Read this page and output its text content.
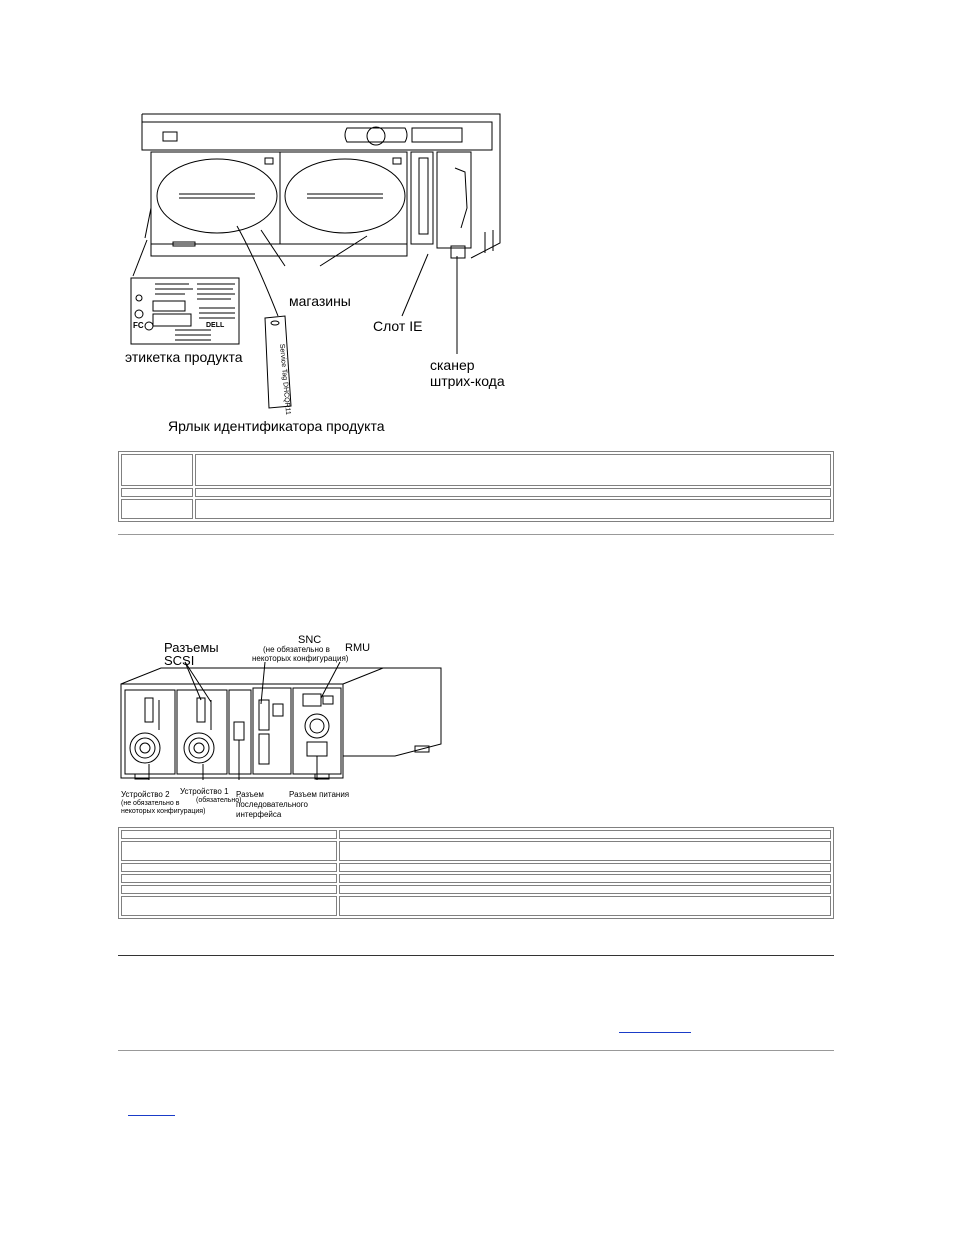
FC	DELL
Service Tag DHCQR11
магазины
Слот IE
сканер
штрих-кода
этикетка продукта
Ярлык идентификатора продукта

Разъемы
SCSI
SNC
(не обязательно в
некоторых конфигурация)
RMU
Устройство 2
(не обязательно в
некоторых конфигурация)
Устройство 1
(обязательно)
Разъем
последовательного
интерфейса
Разъем питания
